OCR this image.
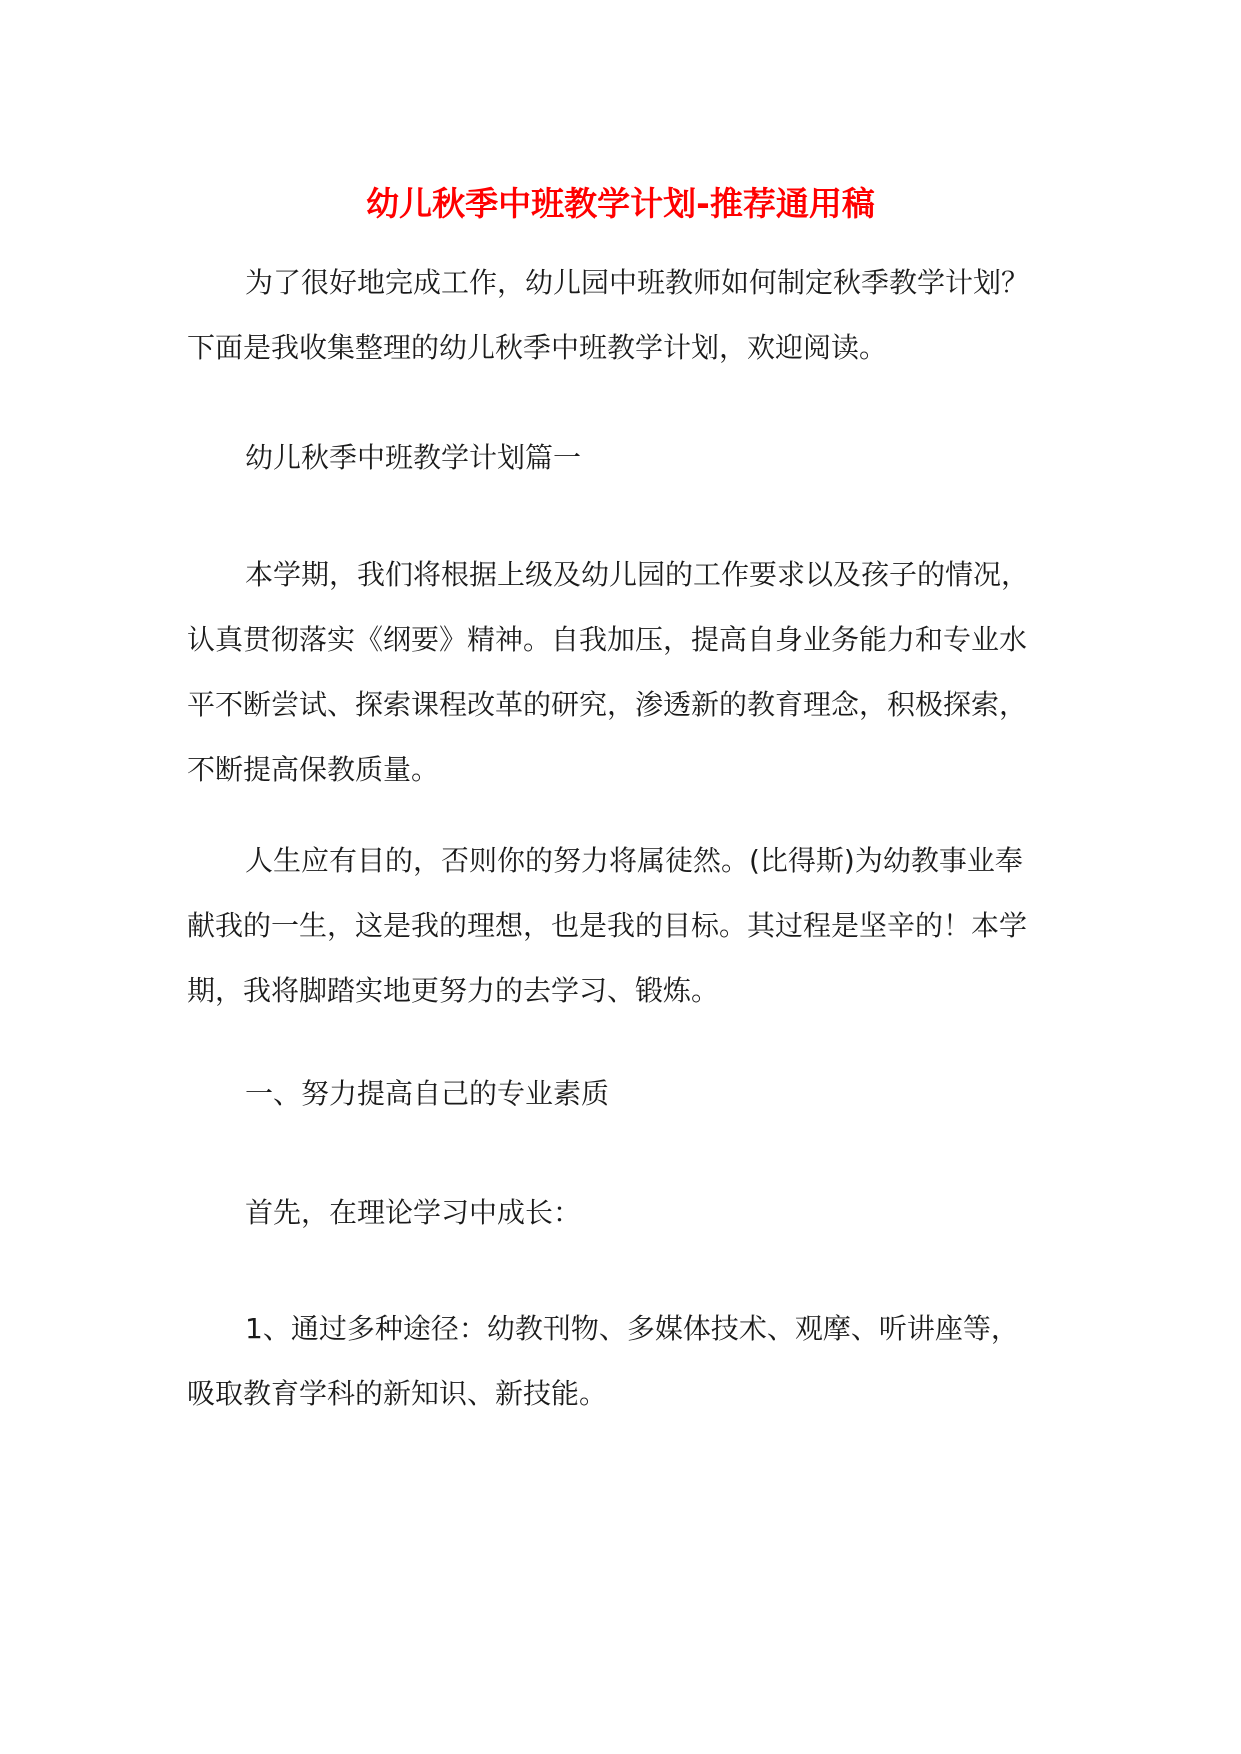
幼儿秋季中班教学计划-推荐通用稿
为了很好地完成工作，幼儿园中班教师如何制定秋季教学计划？
下面是我收集整理的幼儿秋季中班教学计划，欢迎阅读。
幼儿秋季中班教学计划篇一
本学期，我们将根据上级及幼儿园的工作要求以及孩子的情况，
认真贯彻落实《纲要》精神。自我加压，提高自身业务能力和专业水
平不断尝试、探索课程改革的研究，渗透新的教育理念，积极探索，
不断提高保教质量。
人生应有目的，否则你的努力将属徒然。(比得斯)为幼教事业奉
献我的一生，这是我的理想，也是我的目标。其过程是坚辛的！本学
期，我将脚踏实地更努力的去学习、锻炼。
一、努力提高自己的专业素质
首先，在理论学习中成长：
1、通过多种途径：幼教刊物、多媒体技术、观摩、听讲座等，
吸取教育学科的新知识、新技能。
